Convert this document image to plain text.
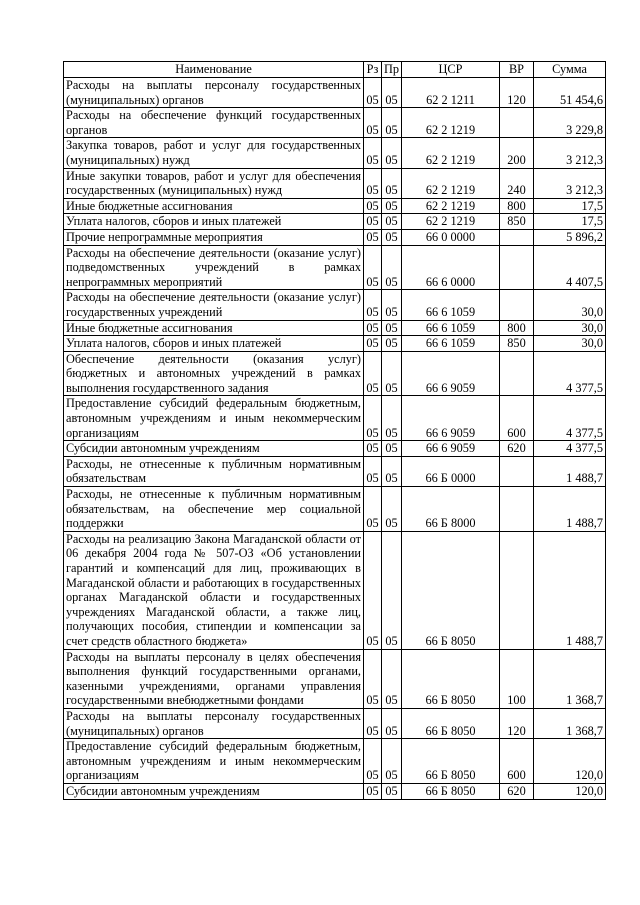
Наименование	Рз	Пр	ЦСР	ВР	Сумма
Расходы на выплаты персоналу государственных (муниципальных) органов	05	05	62 2 1211	120	51 454,6
Расходы на обеспечение функций государственных органов	05	05	62 2 1219		3 229,8
Закупка товаров, работ и услуг для государственных (муниципальных) нужд	05	05	62 2 1219	200	3 212,3
Иные закупки товаров, работ и услуг для обеспечения государственных (муниципальных) нужд	05	05	62 2 1219	240	3 212,3
Иные бюджетные ассигнования	05	05	62 2 1219	800	17,5
Уплата налогов, сборов и иных платежей	05	05	62 2 1219	850	17,5
Прочие непрограммные мероприятия	05	05	66 0 0000		5 896,2
Расходы на обеспечение деятельности (оказание услуг) подведомственных учреждений в рамках непрограммных мероприятий	05	05	66 6 0000		4 407,5
Расходы на обеспечение деятельности (оказание услуг) государственных учреждений	05	05	66 6 1059		30,0
Иные бюджетные ассигнования	05	05	66 6 1059	800	30,0
Уплата налогов, сборов и иных платежей	05	05	66 6 1059	850	30,0
Обеспечение деятельности (оказания услуг) бюджетных и автономных учреждений в рамках выполнения государственного задания	05	05	66 6 9059		4 377,5
Предоставление субсидий федеральным бюджетным, автономным учреждениям и иным некоммерческим организациям	05	05	66 6 9059	600	4 377,5
Субсидии автономным учреждениям	05	05	66 6 9059	620	4 377,5
Расходы, не отнесенные к публичным нормативным обязательствам	05	05	66 Б 0000		1 488,7
Расходы, не отнесенные к публичным нормативным обязательствам, на обеспечение мер социальной поддержки	05	05	66 Б 8000		1 488,7
Расходы на реализацию Закона Магаданской области от 06 декабря 2004 года № 507-ОЗ «Об установлении гарантий и компенсаций для лиц, проживающих в Магаданской области и работающих в государственных органах Магаданской области и государственных учреждениях Магаданской области, а также лиц, получающих пособия, стипендии и компенсации за счет средств областного бюджета»	05	05	66 Б 8050		1 488,7
Расходы на выплаты персоналу в целях обеспечения выполнения функций государственными органами, казенными учреждениями, органами управления государственными внебюджетными фондами	05	05	66 Б 8050	100	1 368,7
Расходы на выплаты персоналу государственных (муниципальных) органов	05	05	66 Б 8050	120	1 368,7
Предоставление субсидий федеральным бюджетным, автономным учреждениям и иным некоммерческим организациям	05	05	66 Б 8050	600	120,0
Субсидии автономным учреждениям	05	05	66 Б 8050	620	120,0
